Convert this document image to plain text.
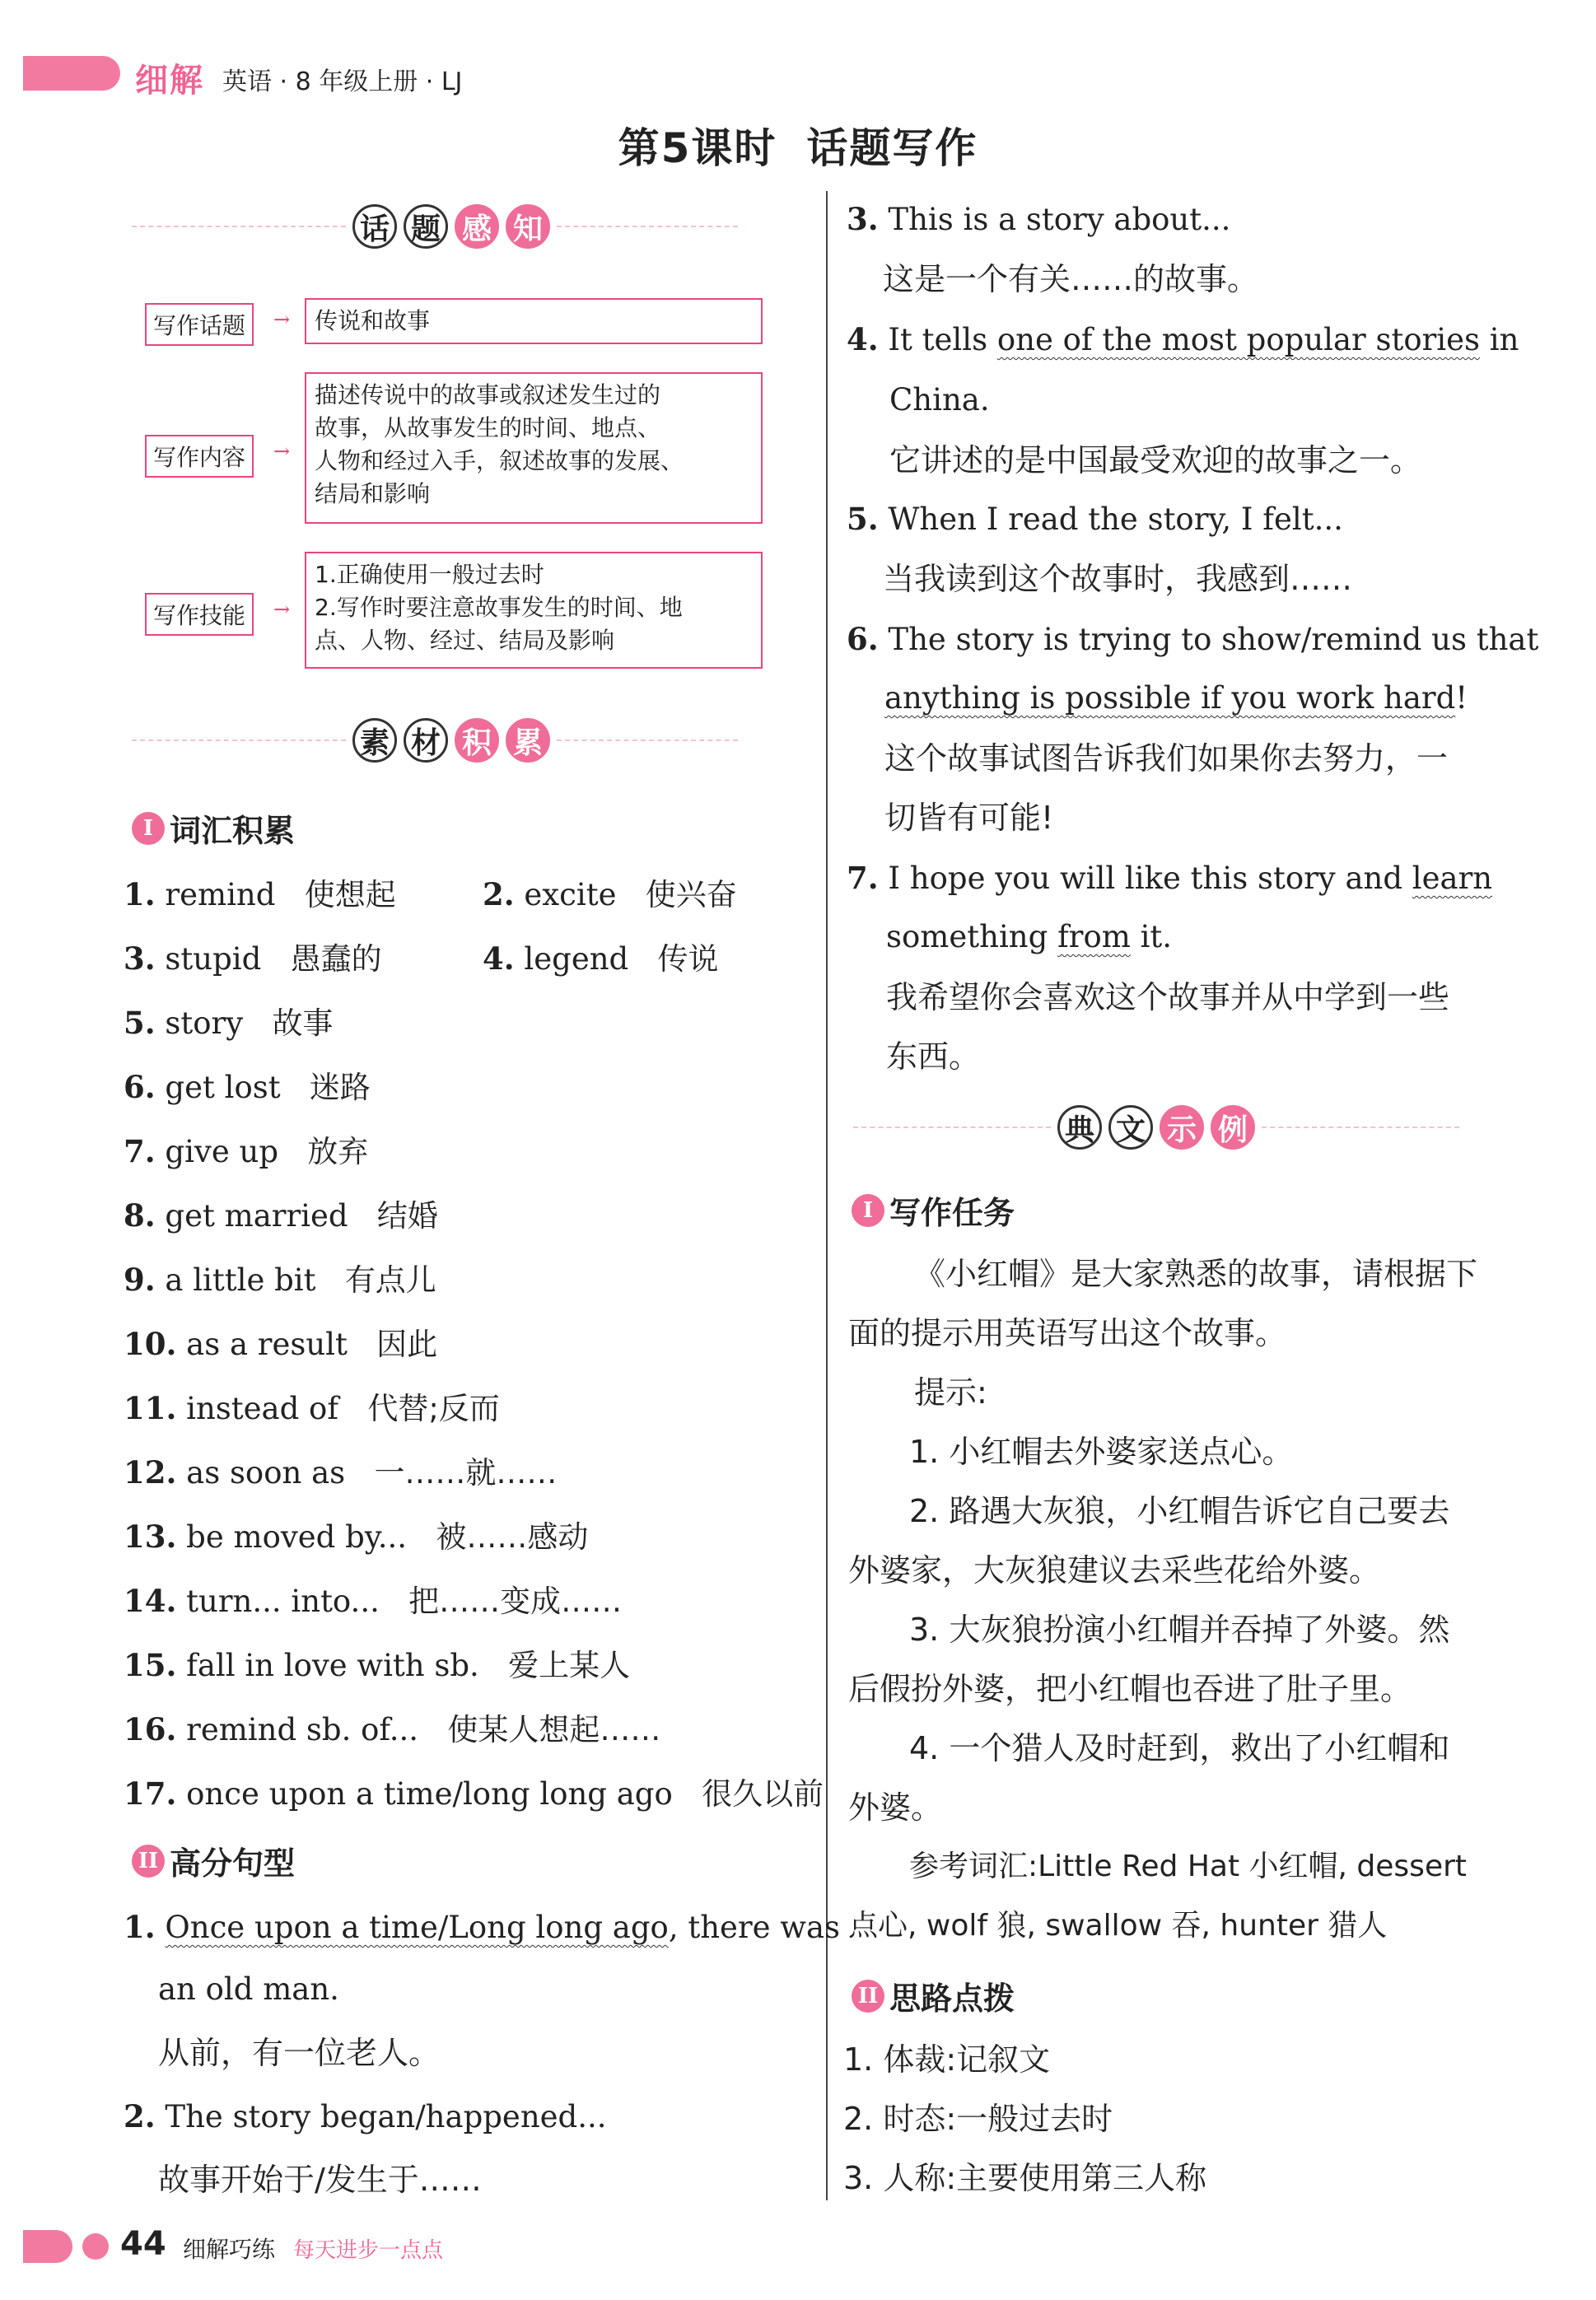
细解 英语 · 8 年级上册 · LJ
第5课时 话题写作
话 题 感 知
写作话题	→ 传说和故事
写作内容	→
描述传说中的故事或叙述发生过的
故事，从故事发生的时间、地点、
人物和经过入手，叙述故事的发展、
结局和影响
写作技能	→
1.正确使用一般过去时
2.写作时要注意故事发生的时间、地
点、人物、经过、结局及影响
素 材 积 累
I 词汇积累
1. remind 使想起	2. excite 使兴奋
3. stupid 愚蠢的	4. legend 传说
5. story 故事
6. get lost 迷路
7. give up 放弃
8. get married 结婚
9. a little bit 有点儿
10. as a result 因此
11. instead of 代替;反而
12. as soon as 一……就……
13. be moved by... 被……感动
14. turn... into... 把……变成……
15. fall in love with sb. 爱上某人
16. remind sb. of... 使某人想起……
17. once upon a time/long long ago 很久以前
II 高分句型
1. Once upon a time/Long long ago, there was
an old man.
从前，有一位老人。
2. The story began/happened...
故事开始于/发生于……
3. This is a story about...
这是一个有关……的故事。
4. It tells one of the most popular stories in
China.
它讲述的是中国最受欢迎的故事之一。
5. When I read the story, I felt...
当我读到这个故事时，我感到……
6. The story is trying to show/remind us that
anything is possible if you work hard!
这个故事试图告诉我们如果你去努力，一
切皆有可能!
7. I hope you will like this story and learn
something from it.
我希望你会喜欢这个故事并从中学到一些
东西。
典 文 示 例
I 写作任务
《小红帽》是大家熟悉的故事，请根据下
面的提示用英语写出这个故事。
提示:
1. 小红帽去外婆家送点心。
2. 路遇大灰狼，小红帽告诉它自己要去
外婆家，大灰狼建议去采些花给外婆。
3. 大灰狼扮演小红帽并吞掉了外婆。然
后假扮外婆，把小红帽也吞进了肚子里。
4. 一个猎人及时赶到，救出了小红帽和
外婆。
参考词汇:Little Red Hat 小红帽, dessert
点心, wolf 狼, swallow 吞, hunter 猎人
II 思路点拨
1. 体裁:记叙文
2. 时态:一般过去时
3. 人称:主要使用第三人称
44 细解巧练 每天进步一点点
